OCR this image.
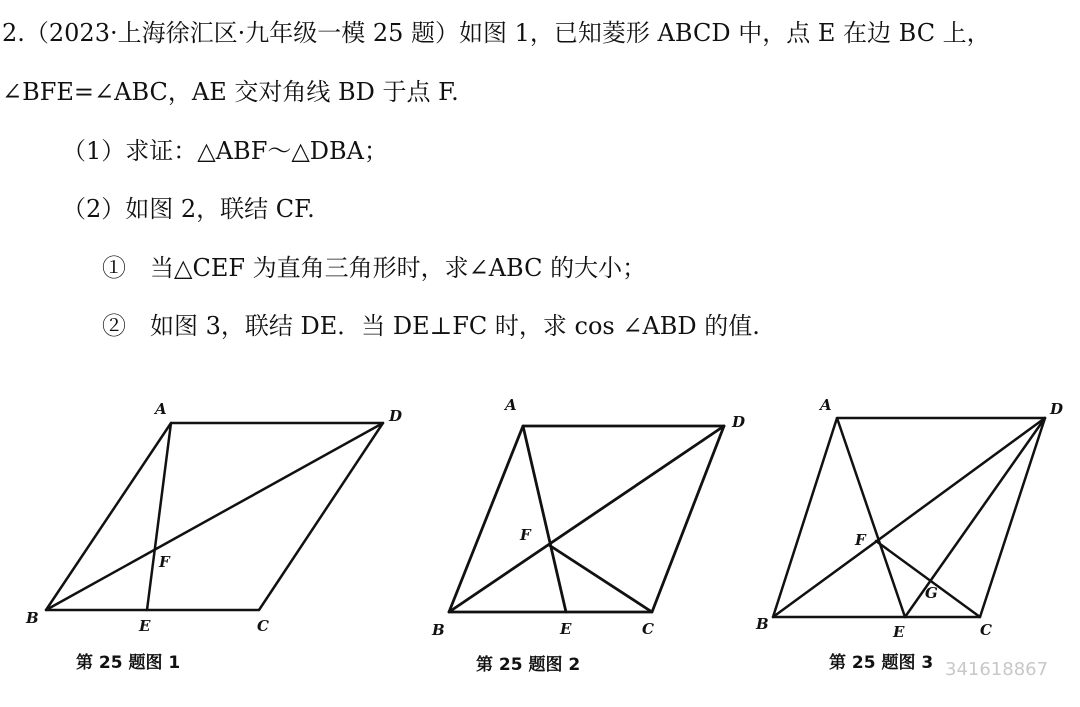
2.（2023·上海徐汇区·九年级一模 25 题）如图 1，已知菱形 ABCD 中，点 E 在边 BC 上，
∠BFE=∠ABC，AE 交对角线 BD 于点 F.
（1）求证：△ABF～△DBA；
（2）如图 2，联结 CF.
①　当△CEF 为直角三角形时，求∠ABC 的大小；
②　如图 3，联结 DE．当 DE⊥FC 时，求 cos ∠ABD 的值.
A	D
F
B	E	C
第 25 题图 1
A
D
F
B	E	C
第 25 题图 2
A	D
F
G
B	E	C
第 25 题图 3 341618867
